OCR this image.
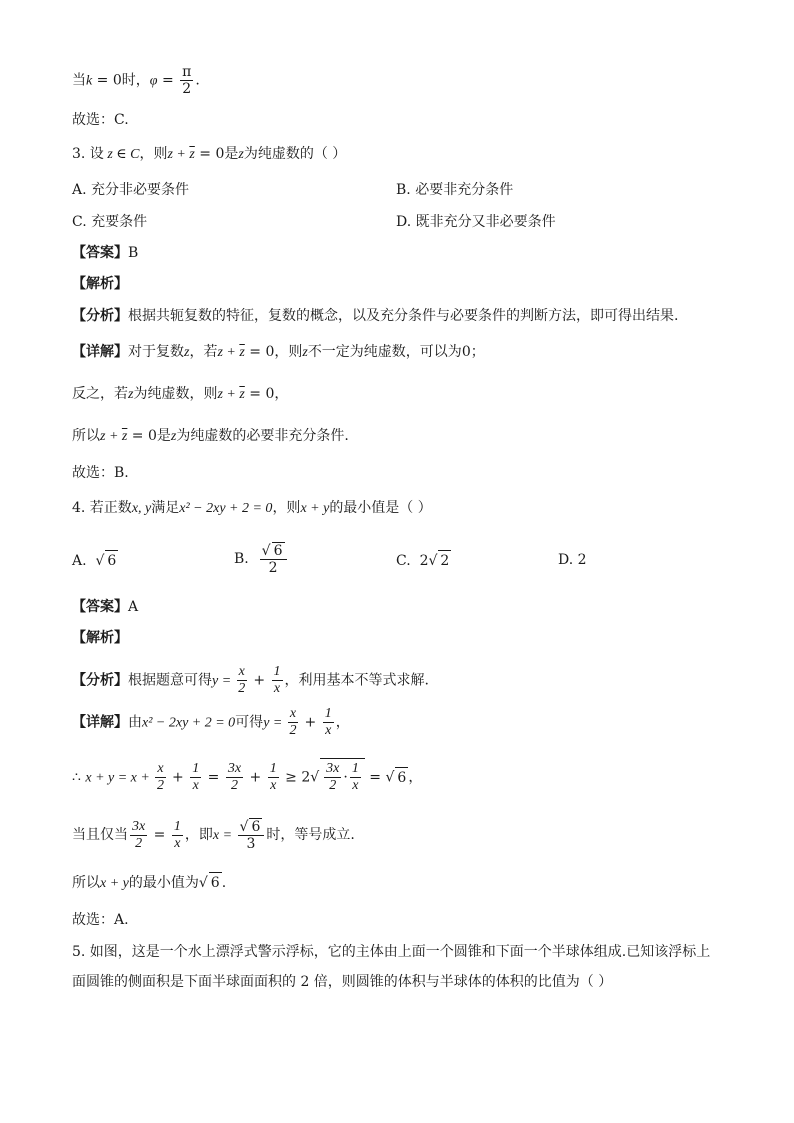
当k = 0时，$\varphi = \frac{\pi}{2}$ .
故选：C.
3. 设 z ∈ C，则$z + \overline{z} = 0$是z为纯虚数的（ ）
A. 充分非必要条件	B. 必要非充分条件
C. 充要条件	D. 既非充分又非必要条件
【答案】B
【解析】
【分析】根据共轭复数的特征，复数的概念，以及充分条件与必要条件的判断方法，即可得出结果.
【详解】对于复数z，若$z + \overline{z} = 0$，则z不一定为纯虚数，可以为0；
反之，若z为纯虚数，则$z + \overline{z} = 0$，
所以$z + \overline{z} = 0$是z为纯虚数的必要非充分条件.
故选：B.
4. 若正数x, y满足x² − 2xy + 2 = 0，则x + y的最小值是（ ）
A. √ 6	B. $\frac{√ 6}{2}$	C. 2√ 2	D. 2
【答案】A
【解析】
【分析】根据题意可得$y = \frac{x}{2} + \frac{1}{x}$ ，利用基本不等式求解.
【详解】由x² − 2xy + 2 = 0可得$y = \frac{x}{2} + \frac{1}{x}$ ，
∴ $x + y = x + \frac{x}{2} + \frac{1}{x} = \frac{3x}{2} + \frac{1}{x} \ge 2√ \frac{3x}{2} \cdot \frac{1}{x}$ = √ 6 ，
当且仅当 $\frac{3x}{2} = \frac{1}{x}$ ，即$x = \frac{√ 6}{3}$ 时，等号成立.
所以x + y的最小值为√ 6 .
故选：A.
5. 如图，这是一个水上漂浮式警示浮标，它的主体由上面一个圆锥和下面一个半球体组成.已知该浮标上
面圆锥的侧面积是下面半球面面积的 2 倍，则圆锥的体积与半球体的体积的比值为（ ）
